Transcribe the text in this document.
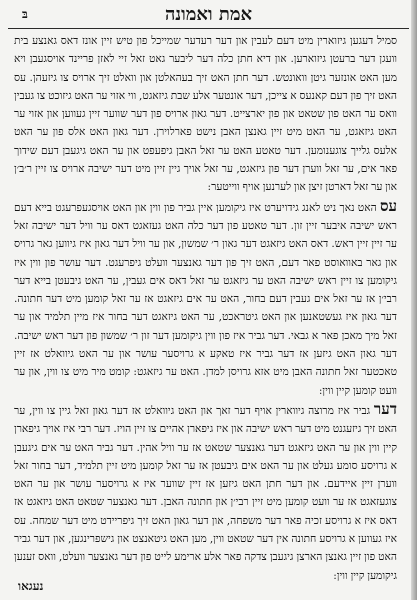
בּ	אמת ואמונה

סמיל דעגען גיזוארין מיט דעם לעבין און דער רעדער שמייכל פון טיש זיין אונז דאס גאנצע בית וועגן דער ברעטן גיזוארען. און דיא חתן כלה דער ליבער גאט זאל זיי לאזן פריינד אויסגעבן ויא מען האט אונזער גיטן וואונטש. דער חתן האט זיך בעהאלטן און וואלט זיך ארויס צו גיזעהן. עס האט זיך פון דעם קאנעס א צייכן, דער אונטער אלע שבת גיזאגט, ווי אזוי ער האט גיזוכט צו געבין וואס ער האט פון שטאט און פון יארצייט. דער גאון ארויס פון דער שווער זיין געווען און אזוי ער האט גיזאגט, ער האט מיט זיין גאנצן האבן נישט פארלוירן. דער גאון האט אלס פון ער האט אלעס גלייך צוגענומען. דער טאטע האט ער זאל האבן גיפעפט און ער האט גיגעבן דעם שידוך פאר אים, ער זאל ווערן דער פון גיזאגט, ער זאל אויך גיין זיין מיט דער ישיבה ארויס צו זיין ר׳ב׳ן און ער זאל דארטן זיצן און לערנען אויף ווייטער:

עס האט נאך ניט לאנג גידויערט איז גיקומען איין גביר פון ווין און האט אויסגעפרעגט בייא דעם ראש ישיבה איבער זיין זון. דער טאטע פון דער כלה האט געזאגט דאס ער וויל דער ישיבה זאל ער זיין זיין ראש. דאס האט גיזאגט דער גאון ר׳ שמשון, און ער וויל דער גאון איז גיווען גאר גרויס און גאר באוואוסט פאר דעם, האט זיך פון דער גאנצער וועלט גיפרעגט. דער עושר פון ווין איז גיקומען צו זיין ראש ישיבה האט ער גיזאגט ער זאל דאס אים געבין, ער האט גיבעטן בייא דער רבי׳ן אז ער זאל אים געבין דעם בחור, האט ער אים גיזאגט אז ער זאל קומען מיט דער חתונה. דער גאון איז געשטאנען און האט גיטראכט, ער האט גיזאגט דער בחור איז מיין תלמיד און ער זאל מיך מאכן פאר א גבאי. דער גביר איז פון ווין גיקומען דער זון ר׳ שמשון פון דער ראש ישיבה. דער גאון האט גיזען אז דער גביר איז טאקע א גרויסער עושר און ער האט גיוואלט אז זיין טאכטער זאל חתונה האבן מיט אזא גרויסן למדן. האט ער גיזאגט: קומט מיר מיט צו ווין, און ער וועט קומען קיין ווין:

דער גביר איז מרוצה גיווארין אויף דער זאך און האט גיוואלט אז דער גאון זאל גיין צו ווין, ער האט זיך גיזעגנט מיט דער ראש ישיבה און איז גיפארן אהיים צו זיין הויז. דער רבי איז אויך גיפארן קיין ווין און ער האט גיזאגט דער גאנצער שטאט אז ער וויל אהין. דער גביר האט ער אים גיגעבן א גרויסע סומע געלט און ער האט אים גיבעטן אז ער זאל קומען מיט זיין תלמיד, דער בחור זאל ווערן זיין איידעם. און דער חתן האט גיזען אז זיין שווער איז א גרויסער עושר און ער האט צוגעזאגט אז ער וועט קומען מיט זיין רבי׳ן און חתונה האבן. דער גאנצער שטאט האט גיזאגט אז דאס איז א גרויסע זכיה פאר דער משפחה, און דער גאון האט זיך גיפריידט מיט דער שמחה. עס איז געווען א גרויסע חתונה אין דער שטאט ווין, מען האט גיטאנצט און גישפרינגען, און דער גביר האט פון זיין גאנצן הארצן גיגעבן צדקה פאר אלע ארימע לייט פון דער גאנצער וועלט, וואס זענען גיקומען קיין ווין:

נעגאו
